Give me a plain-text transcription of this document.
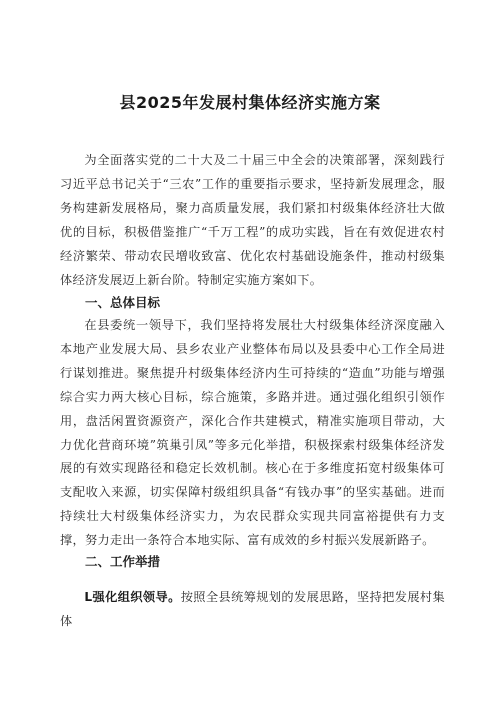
县2025年发展村集体经济实施方案

为全面落实党的二十大及二十届三中全会的决策部署，深刻践行习近平总书记关于“三农”工作的重要指示要求，坚持新发展理念，服务构建新发展格局，聚力高质量发展，我们紧扣村级集体经济壮大做优的目标，积极借鉴推广“千万工程”的成功实践，旨在有效促进农村经济繁荣、带动农民增收致富、优化农村基础设施条件，推动村级集体经济发展迈上新台阶。特制定实施方案如下。

一、总体目标

在县委统一领导下，我们坚持将发展壮大村级集体经济深度融入本地产业发展大局、县乡农业产业整体布局以及县委中心工作全局进行谋划推进。聚焦提升村级集体经济内生可持续的“造血”功能与增强综合实力两大核心目标，综合施策，多路并进。通过强化组织引领作用，盘活闲置资源资产，深化合作共建模式，精准实施项目带动，大力优化营商环境”筑巢引凤”等多元化举措，积极探索村级集体经济发展的有效实现路径和稳定长效机制。核心在于多维度拓宽村级集体可支配收入来源，切实保障村级组织具备“有钱办事”的坚实基础。进而持续壮大村级集体经济实力，为农民群众实现共同富裕提供有力支撑，努力走出一条符合本地实际、富有成效的乡村振兴发展新路子。

二、工作举措

L强化组织领导。按照全县统筹规划的发展思路，坚持把发展村集体
